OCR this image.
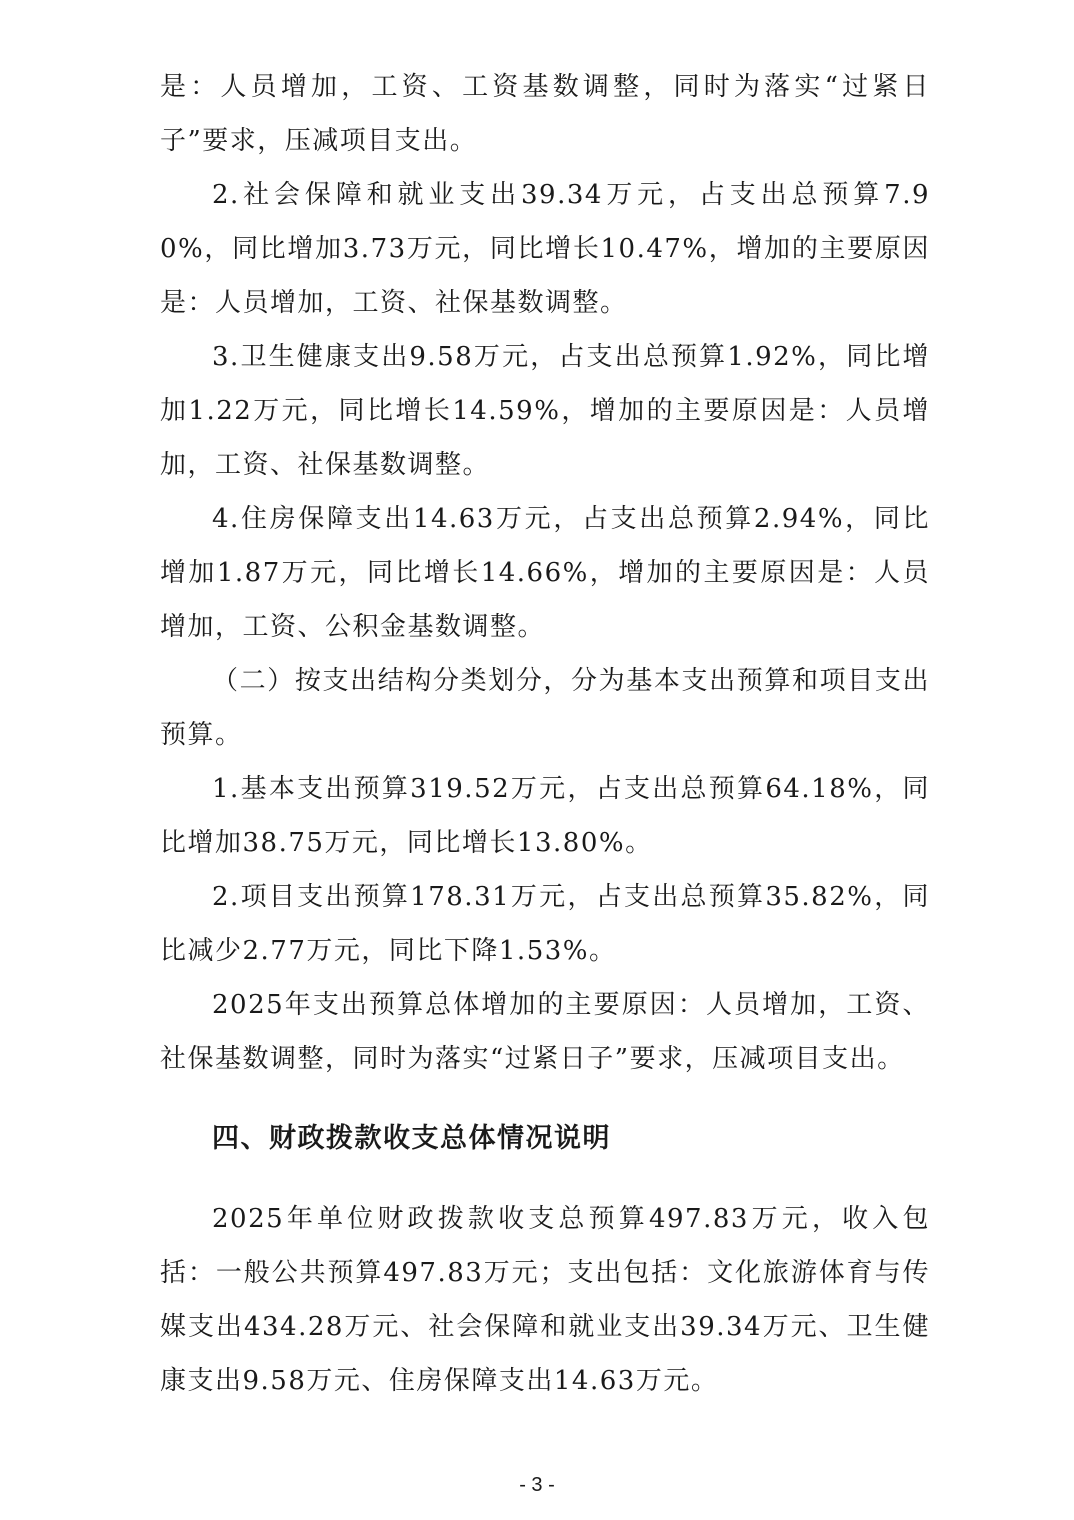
是：人员增加，工资、工资基数调整，同时为落实“过紧日子”要求，压减项目支出。

2.社会保障和就业支出39.34万元，占支出总预算7.90%，同比增加3.73万元，同比增长10.47%，增加的主要原因是：人员增加，工资、社保基数调整。

3.卫生健康支出9.58万元，占支出总预算1.92%，同比增加1.22万元，同比增长14.59%，增加的主要原因是：人员增加，工资、社保基数调整。

4.住房保障支出14.63万元，占支出总预算2.94%，同比增加1.87万元，同比增长14.66%，增加的主要原因是：人员增加，工资、公积金基数调整。

（二）按支出结构分类划分，分为基本支出预算和项目支出预算。

1.基本支出预算319.52万元，占支出总预算64.18%，同比增加38.75万元，同比增长13.80%。

2.项目支出预算178.31万元，占支出总预算35.82%，同比减少2.77万元，同比下降1.53%。

2025年支出预算总体增加的主要原因：人员增加，工资、社保基数调整，同时为落实“过紧日子”要求，压减项目支出。

四、财政拨款收支总体情况说明

2025年单位财政拨款收支总预算497.83万元，收入包括：一般公共预算497.83万元；支出包括：文化旅游体育与传媒支出434.28万元、社会保障和就业支出39.34万元、卫生健康支出9.58万元、住房保障支出14.63万元。

- 3 -
